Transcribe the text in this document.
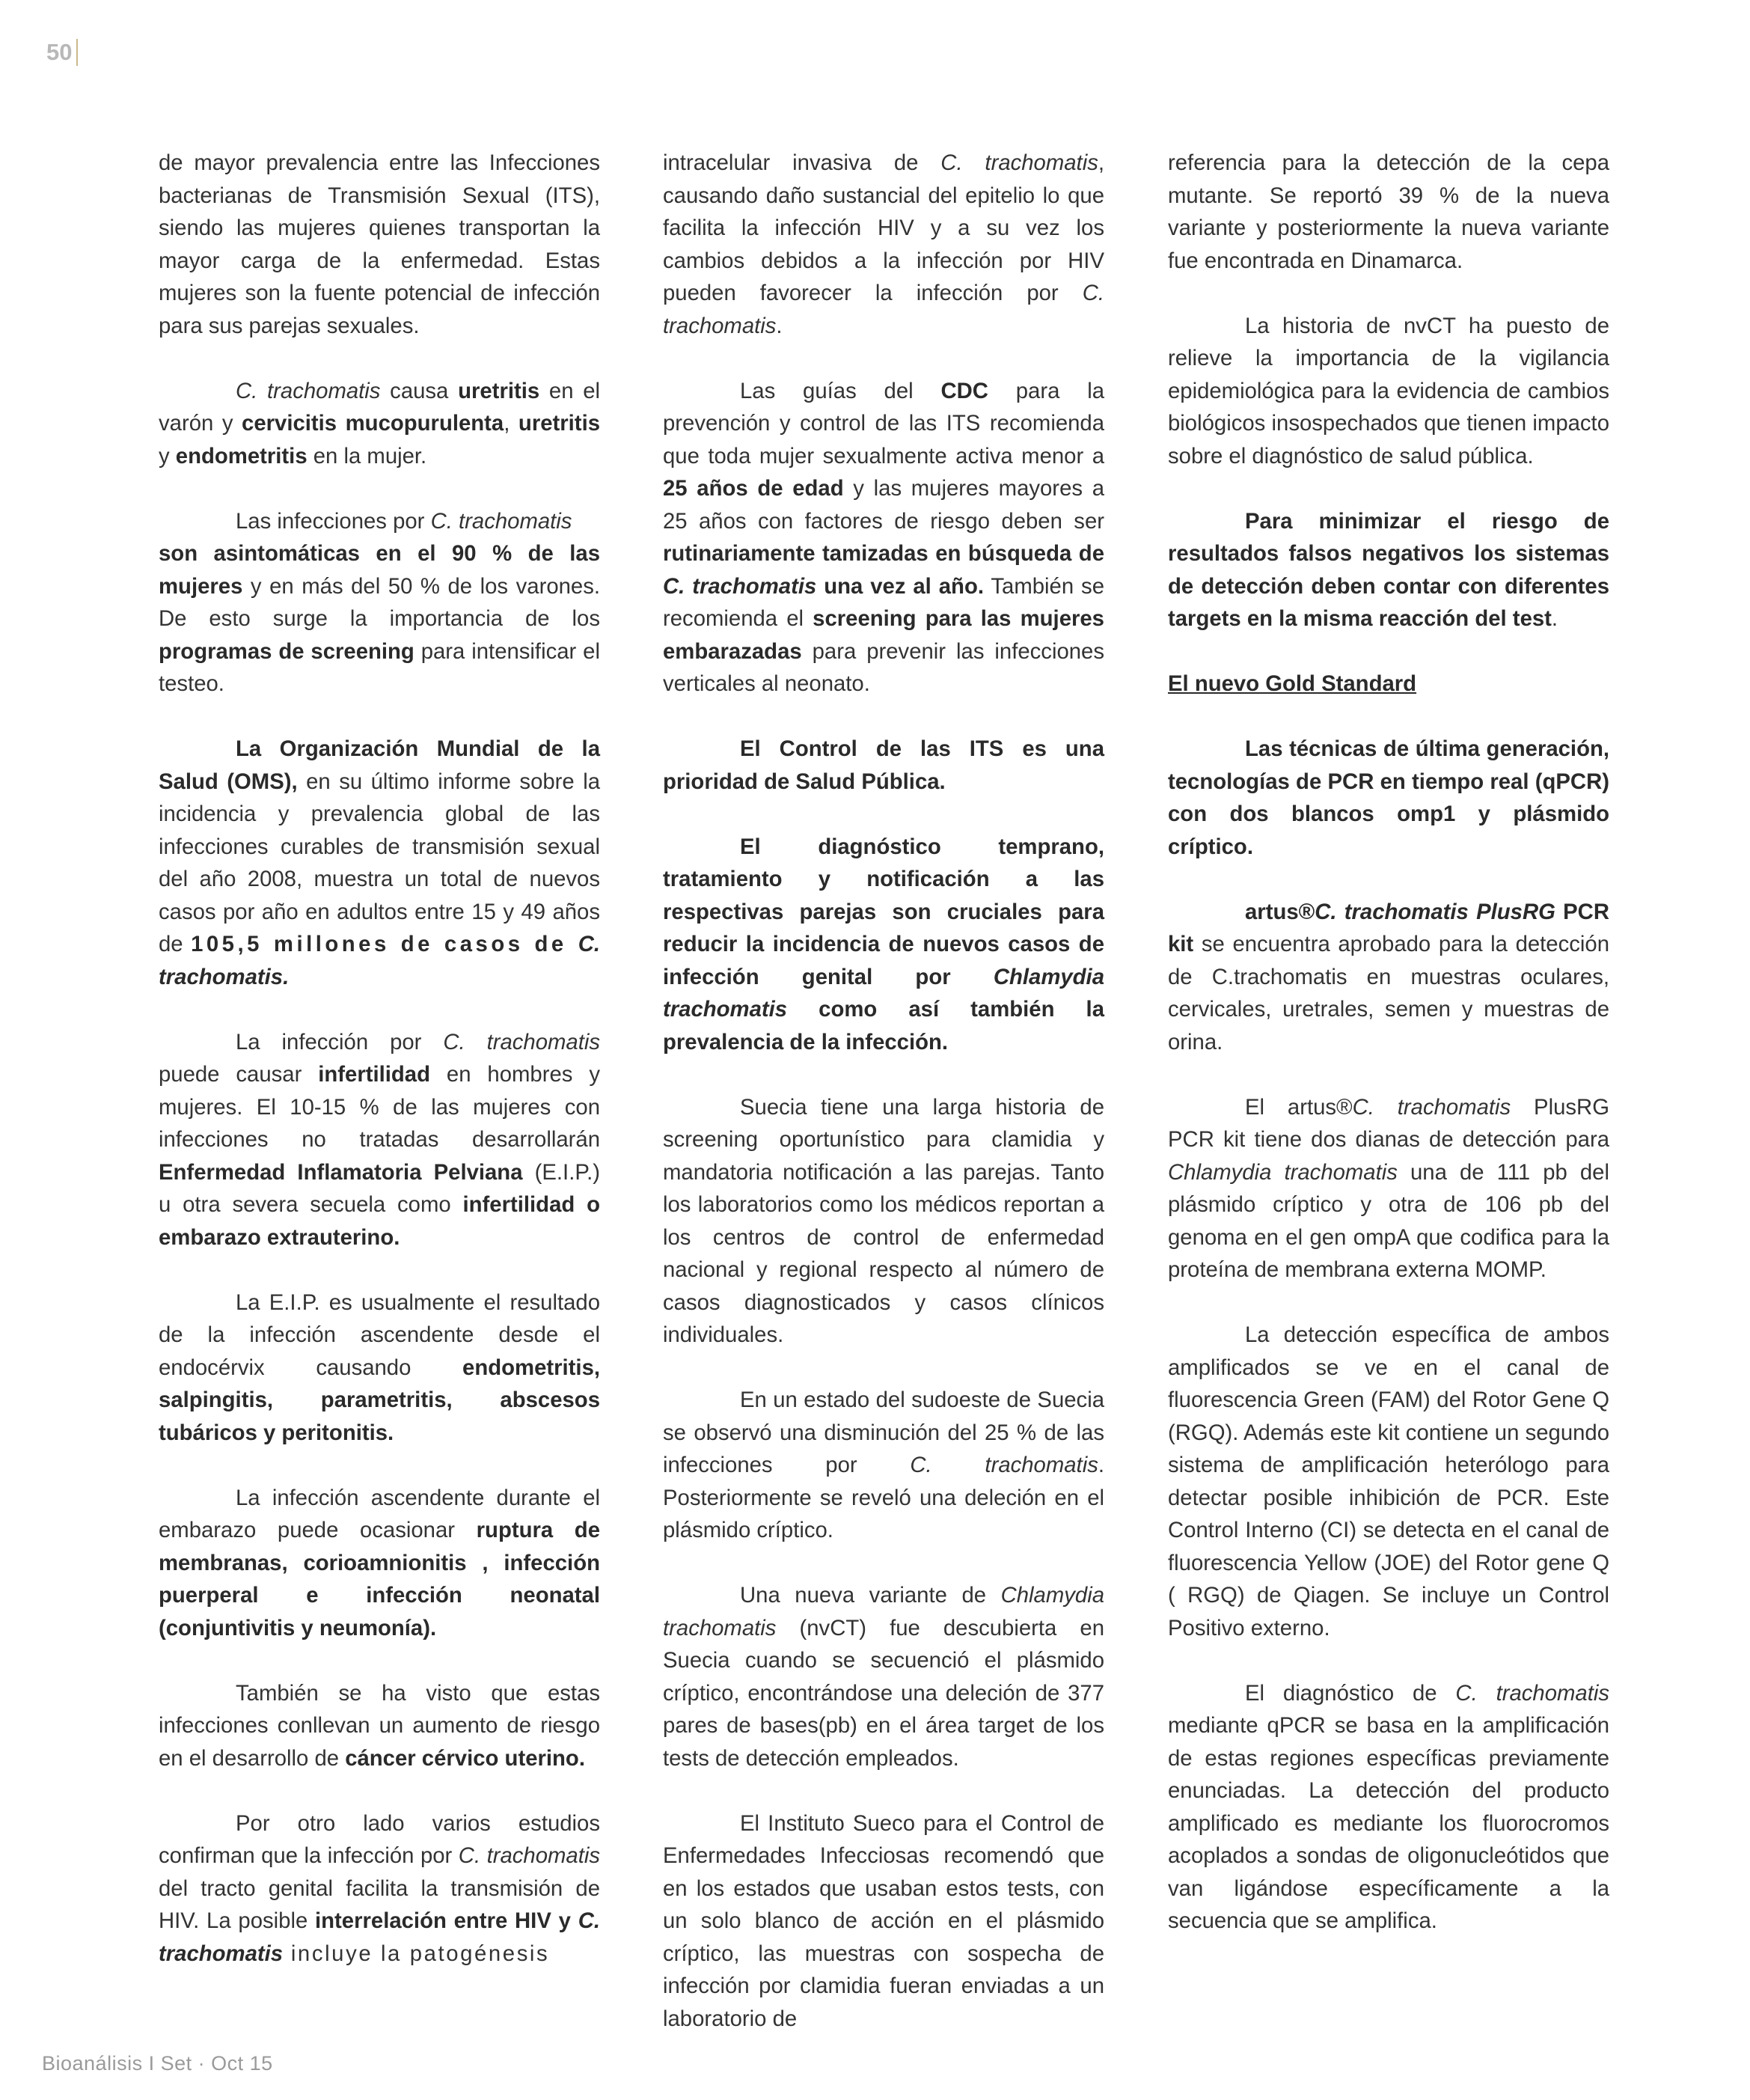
50

de mayor prevalencia entre las Infecciones bacterianas de Transmisión Sexual (ITS), siendo las mujeres quienes transportan la mayor carga de la enfermedad. Estas mujeres son la fuente potencial de infección para sus parejas sexuales.

C. trachomatis causa uretritis en el varón y cervicitis mucopurulenta, uretritis y endometritis en la mujer.

Las infecciones por C. trachomatis
son asintomáticas en el 90 % de las mujeres y en más del 50 % de los varones. De esto surge la importancia de los programas de screening para intensificar el testeo.

La Organización Mundial de la Salud (OMS), en su último informe sobre la incidencia y prevalencia global de las infecciones curables de transmisión sexual del año 2008, muestra un total de nuevos casos por año en adultos entre 15 y 49 años de 105,5 millones de casos de C. trachomatis.

La infección por C. trachomatis puede causar infertilidad en hombres y mujeres. El 10-15 % de las mujeres con infecciones no tratadas desarrollarán Enfermedad Inflamatoria Pelviana (E.I.P.) u otra severa secuela como infertilidad o embarazo extrauterino.

La E.I.P. es usualmente el resultado de la infección ascendente desde el endocérvix causando endometritis, salpingitis, parametritis, abscesos tubáricos y peritonitis.

La infección ascendente durante el embarazo puede ocasionar ruptura de membranas, corioamnionitis , infección puerperal e infección neonatal (conjuntivitis y neumonía).

También se ha visto que estas infecciones conllevan un aumento de riesgo en el desarrollo de cáncer cérvico uterino.

Por otro lado varios estudios confirman que la infección por C. trachomatis del tracto genital facilita la transmisión de HIV. La posible interrelación entre HIV y C. trachomatis incluye la patogénesis

intracelular invasiva de C. trachomatis, causando daño sustancial del epitelio lo que facilita la infección HIV y a su vez los cambios debidos a la infección por HIV pueden favorecer la infección por C. trachomatis.

Las guías del CDC para la prevención y control de las ITS recomienda que toda mujer sexualmente activa menor a 25 años de edad y las mujeres mayores a 25 años con factores de riesgo deben ser rutinariamente tamizadas en búsqueda de C. trachomatis una vez al año. También se recomienda el screening para las mujeres embarazadas para prevenir las infecciones verticales al neonato.

El Control de las ITS es una prioridad de Salud Pública.

El diagnóstico temprano, tratamiento y notificación a las respectivas parejas son cruciales para reducir la incidencia de nuevos casos de infección genital por Chlamydia trachomatis como así también la prevalencia de la infección.

Suecia tiene una larga historia de screening oportunístico para clamidia y mandatoria notificación a las parejas. Tanto los laboratorios como los médicos reportan a los centros de control de enfermedad nacional y regional respecto al número de casos diagnosticados y casos clínicos individuales.

En un estado del sudoeste de Suecia se observó una disminución del 25 % de las infecciones por C. trachomatis. Posteriormente se reveló una deleción en el plásmido críptico.

Una nueva variante de Chlamydia trachomatis (nvCT) fue descubierta en Suecia cuando se secuenció el plásmido críptico, encontrándose una deleción de 377 pares de bases(pb) en el área target de los tests de detección empleados.

El Instituto Sueco para el Control de Enfermedades Infecciosas recomendó que en los estados que usaban estos tests, con un solo blanco de acción en el plásmido críptico, las muestras con sospecha de infección por clamidia fueran enviadas a un laboratorio de

referencia para la detección de la cepa mutante. Se reportó 39 % de la nueva variante y posteriormente la nueva variante fue encontrada en Dinamarca.

La historia de nvCT ha puesto de relieve la importancia de la vigilancia epidemiológica para la evidencia de cambios biológicos insospechados que tienen impacto sobre el diagnóstico de salud pública.

Para minimizar el riesgo de resultados falsos negativos los sistemas de detección deben contar con diferentes targets en la misma reacción del test.

El nuevo Gold Standard

Las técnicas de última generación, tecnologías de PCR en tiempo real (qPCR) con dos blancos omp1 y plásmido críptico.

artus®C. trachomatis PlusRG PCR kit se encuentra aprobado para la detección de C.trachomatis en muestras oculares, cervicales, uretrales, semen y muestras de orina.

El artus®C. trachomatis PlusRG PCR kit tiene dos dianas de detección para Chlamydia trachomatis una de 111 pb del plásmido críptico y otra de 106 pb del genoma en el gen ompA que codifica para la proteína de membrana externa MOMP.

La detección específica de ambos amplificados se ve en el canal de fluorescencia Green (FAM) del Rotor Gene Q (RGQ). Además este kit contiene un segundo sistema de amplificación heterólogo para detectar posible inhibición de PCR. Este Control Interno (CI) se detecta en el canal de fluorescencia Yellow (JOE) del Rotor gene Q ( RGQ) de Qiagen. Se incluye un Control Positivo externo.

El diagnóstico de C. trachomatis mediante qPCR se basa en la amplificación de estas regiones específicas previamente enunciadas. La detección del producto amplificado es mediante los fluorocromos acoplados a sondas de oligonucleótidos que van ligándose específicamente a la secuencia que se amplifica.

Bioanálisis I Set · Oct 15
